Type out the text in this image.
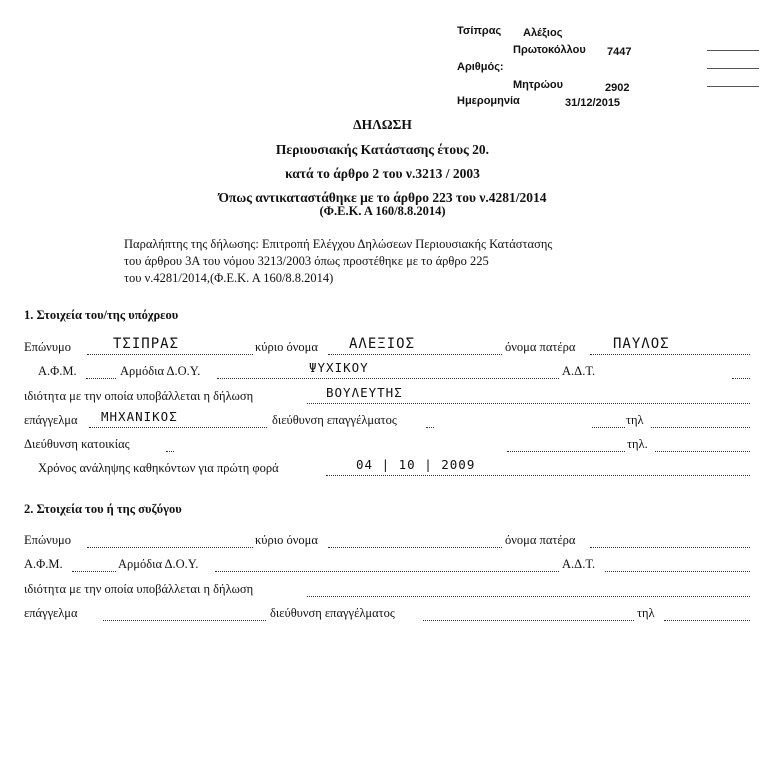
Τσίπρας Αλέξιος
Πρωτοκόλλου 7447
Αριθμός:
Μητρώου	2902
Ημερομηνία	31/12/2015
ΔΗΛΩΣΗ
Περιουσιακής Κατάστασης έτους 20.
κατά το άρθρο 2 του ν.3213 / 2003
Όπως αντικαταστάθηκε με το άρθρο 223 του ν.4281/2014
(Φ.Ε.Κ. Α 160/8.8.2014)
Παραλήπτης της δήλωσης: Επιτροπή Ελέγχου Δηλώσεων Περιουσιακής Κατάστασης
του άρθρου 3Α του νόμου 3213/2003 όπως προστέθηκε με το άρθρο 225
του ν.4281/2014,(Φ.Ε.Κ. Α 160/8.8.2014)
1. Στοιχεία του/της υπόχρεου
Επώνυμο	ΤΣΙΠΡΑΣ	κύριο όνομα ΑΛΕΞΙΟΣ	όνομα πατέρα	ΠΑΥΛΟΣ
Α.Φ.Μ.	Αρμόδια Δ.Ο.Υ.	ΨΥΧΙΚΟΥ	Α.Δ.Τ.
ιδιότητα με την οποία υποβάλλεται η δήλωση	ΒΟΥΛΕΥΤΗΣ
επάγγελμα ΜΗΧΑΝΙΚΟΣ	διεύθυνση επαγγέλματος	τηλ
Διεύθυνση κατοικίας	τηλ.
Χρόνος ανάληψης καθηκόντων για πρώτη φορά	04 | 10 | 2009
2. Στοιχεία του ή της συζύγου
Επώνυμο	κύριο όνομα	όνομα πατέρα
Α.Φ.Μ.	Αρμόδια Δ.Ο.Υ.	Α.Δ.Τ.
ιδιότητα με την οποία υποβάλλεται η δήλωση
επάγγελμα	διεύθυνση επαγγέλματος	τηλ
